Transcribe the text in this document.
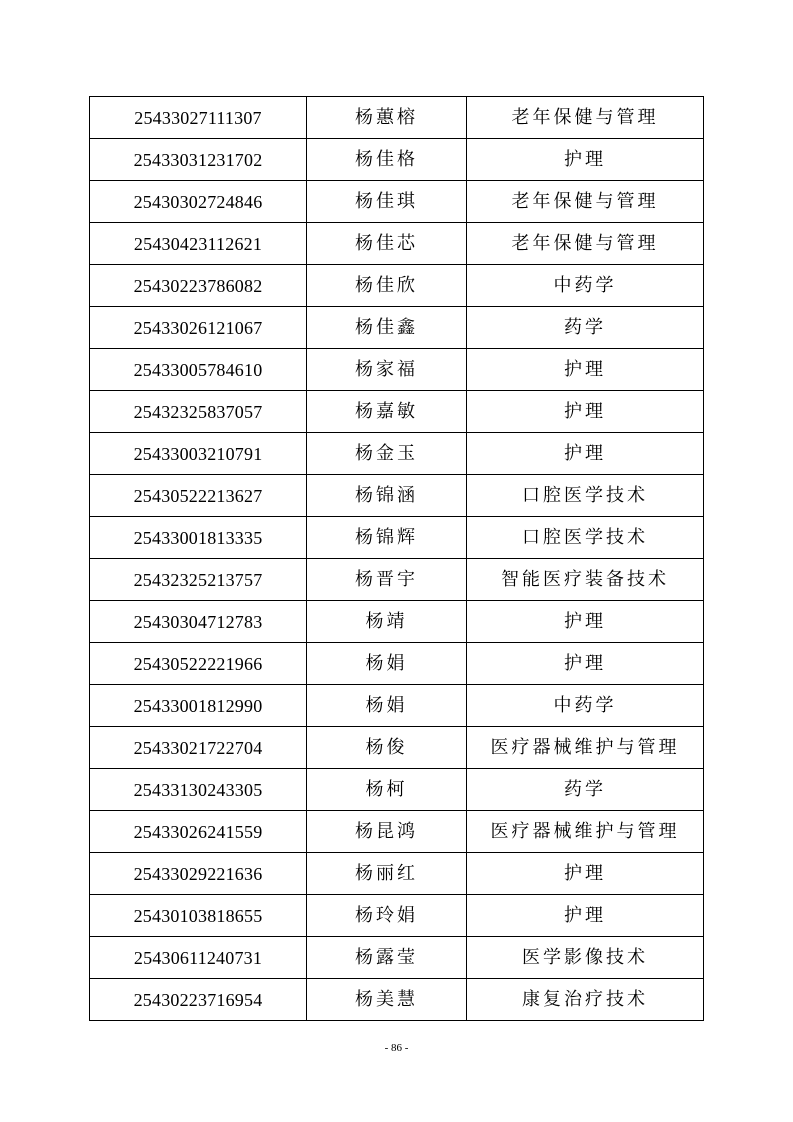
25433027111307	杨蕙榕	老年保健与管理
25433031231702	杨佳格	护理
25430302724846	杨佳琪	老年保健与管理
25430423112621	杨佳芯	老年保健与管理
25430223786082	杨佳欣	中药学
25433026121067	杨佳鑫	药学
25433005784610	杨家福	护理
25432325837057	杨嘉敏	护理
25433003210791	杨金玉	护理
25430522213627	杨锦涵	口腔医学技术
25433001813335	杨锦辉	口腔医学技术
25432325213757	杨晋宇	智能医疗装备技术
25430304712783	杨靖	护理
25430522221966	杨娟	护理
25433001812990	杨娟	中药学
25433021722704	杨俊	医疗器械维护与管理
25433130243305	杨柯	药学
25433026241559	杨昆鸿	医疗器械维护与管理
25433029221636	杨丽红	护理
25430103818655	杨玲娟	护理
25430611240731	杨露莹	医学影像技术
25430223716954	杨美慧	康复治疗技术
- 86 -
